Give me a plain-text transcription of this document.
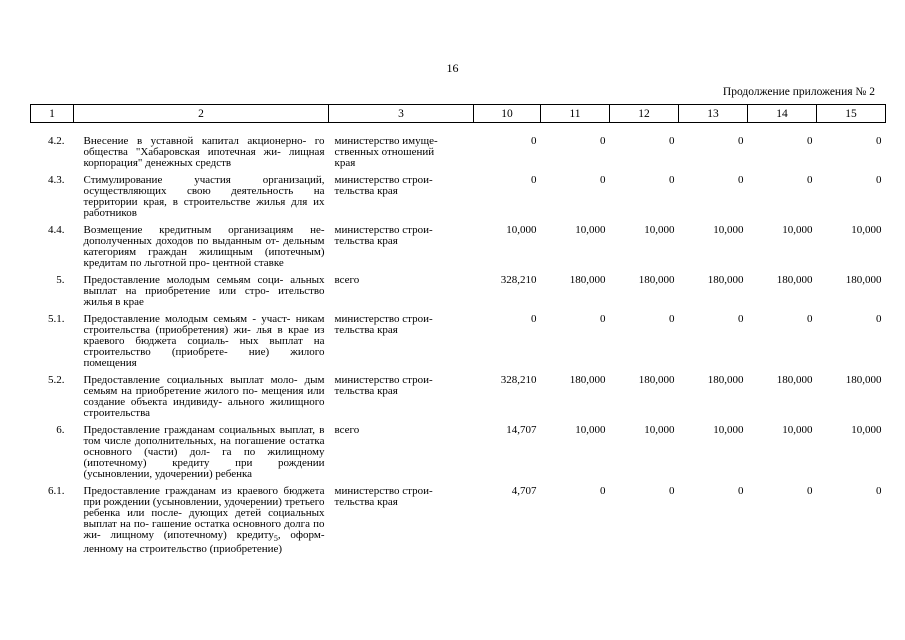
16
Продолжение приложения № 2
1	2	3	10	11	12	13	14	15
4.2.	Внесение в уставной капитал акционерно- го общества "Хабаровская ипотечная жи- лищная корпорация" денежных средств	министерство имуще-
ственных отношений
края	0	0	0	0	0	0
4.3.	Стимулирование участия организаций, осуществляющих свою деятельность на территории края, в строительстве жилья для их работников	министерство строи-
тельства края	0	0	0	0	0	0
4.4.	Возмещение кредитным организациям не- дополученных доходов по выданным от- дельным категориям граждан жилищным (ипотечным) кредитам по льготной про- центной ставке	министерство строи-
тельства края	10,000	10,000	10,000	10,000	10,000	10,000
5.	Предоставление молодым семьям соци- альных выплат на приобретение или стро- ительство жилья в крае	всего	328,210	180,000	180,000	180,000	180,000	180,000
5.1.	Предоставление молодым семьям - участ- никам строительства (приобретения) жи- лья в крае из краевого бюджета социаль- ных выплат на строительство (приобрете- ние) жилого помещения	министерство строи-
тельства края	0	0	0	0	0	0
5.2.	Предоставление социальных выплат моло- дым семьям на приобретение жилого по- мещения или создание объекта индивиду- ального жилищного строительства	министерство строи-
тельства края	328,210	180,000	180,000	180,000	180,000	180,000
6.	Предоставление гражданам социальных выплат, в том числе дополнительных, на погашение остатка основного (части) дол- га по жилищному (ипотечному) кредиту при рождении (усыновлении, удочерении) ребенка	всего	14,707	10,000	10,000	10,000	10,000	10,000
6.1.	Предоставление гражданам из краевого бюджета при рождении (усыновлении, удочерении) третьего ребенка или после- дующих детей социальных выплат на по- гашение остатка основного долга по жи- лищному (ипотечному) кредиту$_5$, оформ- ленному на строительство (приобретение)	министерство строи-
тельства края	4,707	0	0	0	0	0
